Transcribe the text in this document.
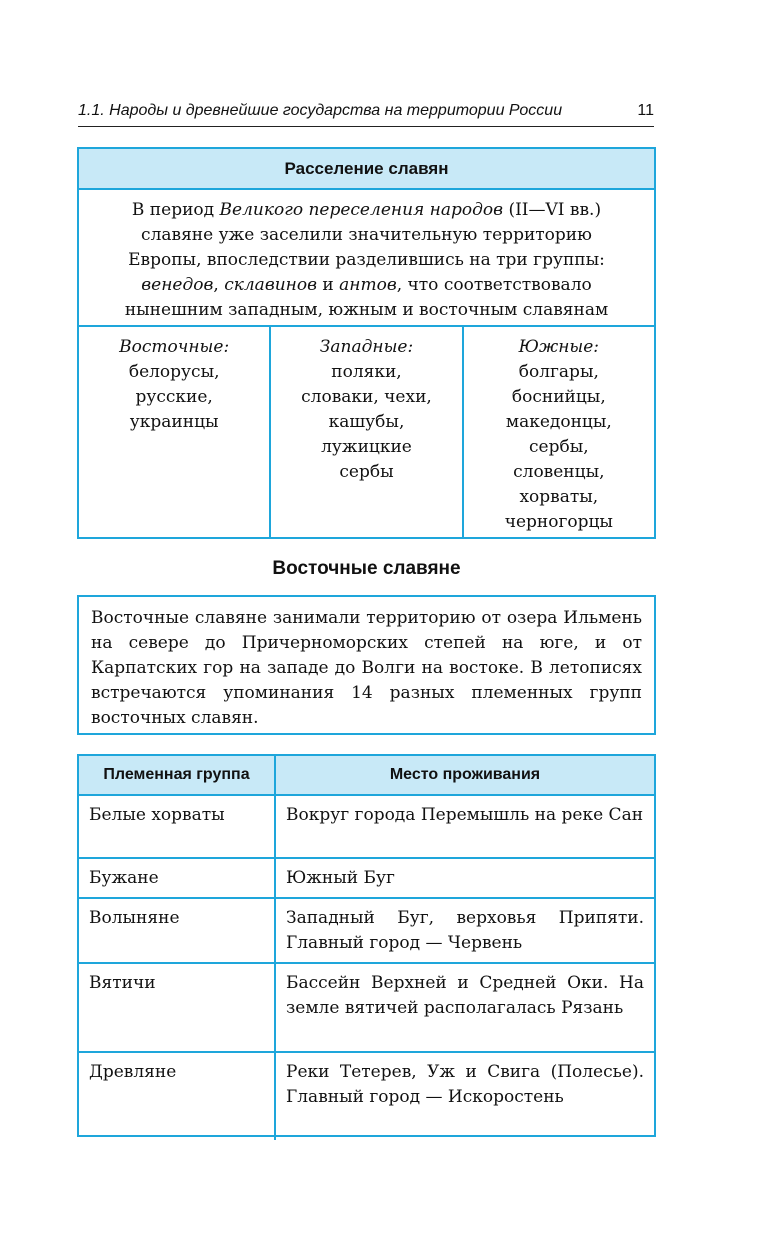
1.1. Народы и древнейшие государства на территории России	11
Расселение славян
В период Великого переселения народов (II—VI вв.)
славяне уже заселили значительную территорию
Европы, впоследствии разделившись на три группы:
венедов, склавинов и антов, что соответствовало
нынешним западным, южным и восточным славянам
Восточные:
белорусы,
русские,
украинцы
Западные:
поляки,
словаки, чехи,
кашубы,
лужицкие
сербы
Южные:
болгары,
боснийцы,
македонцы,
сербы,
словенцы,
хорваты,
черногорцы
Восточные славяне
Восточные славяне занимали территорию от озера Ильмень на севере до Причерноморских степей на юге, и от Карпатских гор на западе до Волги на востоке. В летописях встречаются упоминания 14 разных племенных групп восточных славян.
Племенная группа	Место проживания
Белые хорваты	Вокруг города Перемышль на реке Сан
Бужане	Южный Буг
Волыняне	Западный Буг, верховья Припяти. Главный город — Червень
Вятичи	Бассейн Верхней и Средней Оки. На земле вятичей располагалась Рязань
Древляне	Реки Тетерев, Уж и Свига (Полесье). Главный город — Искоростень
